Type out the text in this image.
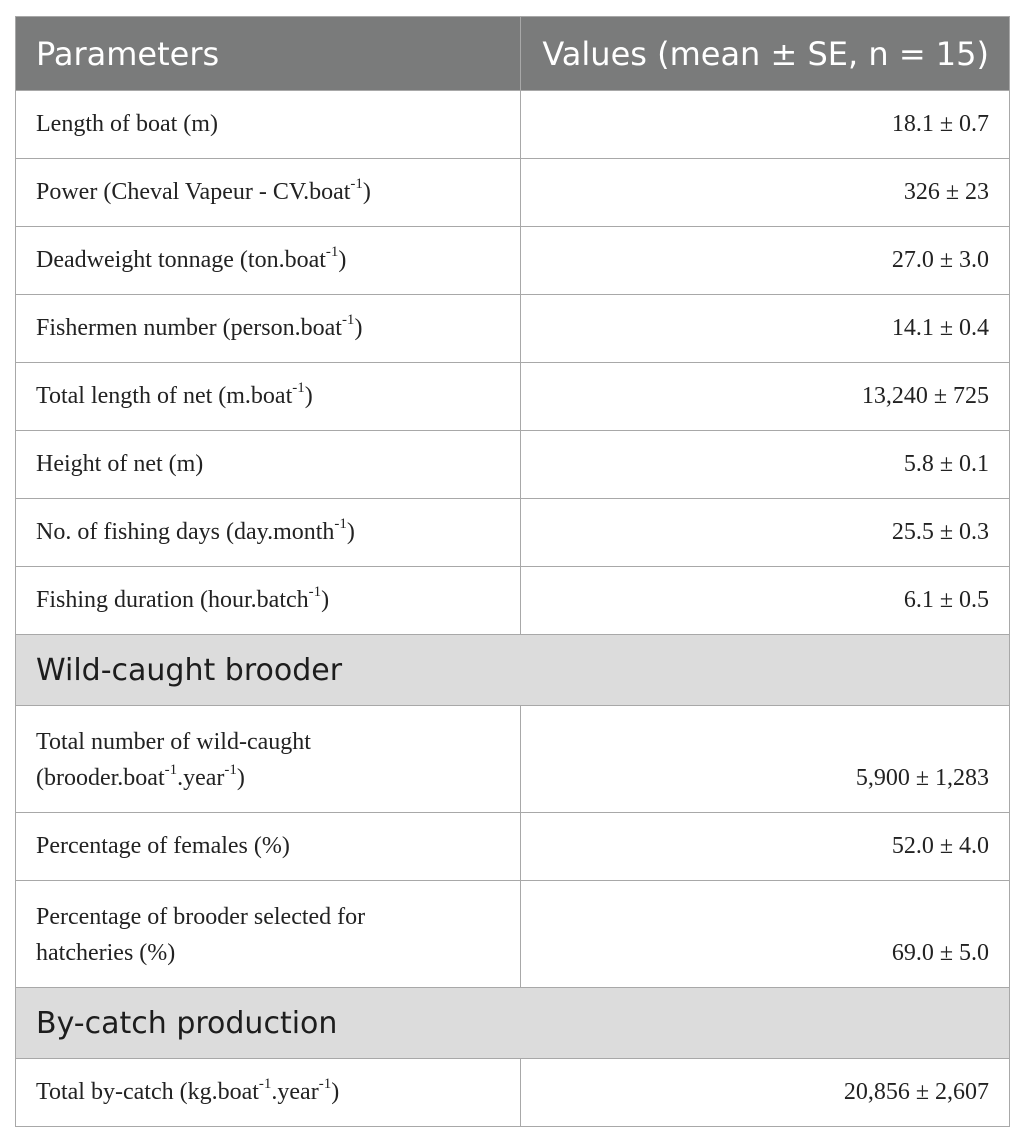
Parameters	Values (mean ± SE, n = 15)
Length of boat (m)	18.1 ± 0.7
Power (Cheval Vapeur - CV.boat$^{-1}$)	326 ± 23
Deadweight tonnage (ton.boat$^{-1}$)	27.0 ± 3.0
Fishermen number (person.boat$^{-1}$)	14.1 ± 0.4
Total length of net (m.boat$^{-1}$)	13,240 ± 725
Height of net (m)	5.8 ± 0.1
No. of fishing days (day.month$^{-1}$)	25.5 ± 0.3
Fishing duration (hour.batch$^{-1}$)	6.1 ± 0.5
Wild-caught brooder	
Total number of wild-caught
(brooder.boat$^{-1}$.year$^{-1}$)	5,900 ± 1,283
Percentage of females (%)	52.0 ± 4.0
Percentage of brooder selected for
hatcheries (%)	69.0 ± 5.0
By-catch production	
Total by-catch (kg.boat$^{-1}$.year$^{-1}$)	20,856 ± 2,607
